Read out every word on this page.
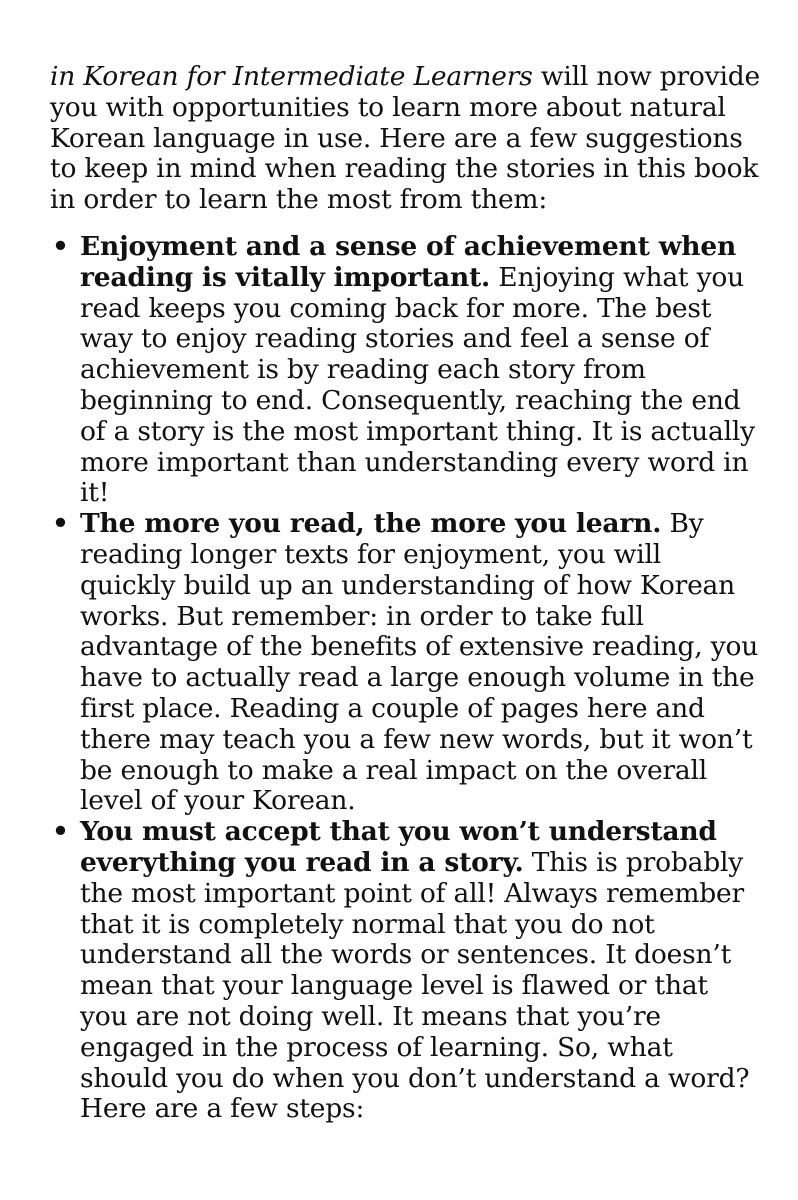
in Korean for Intermediate Learners will now provide you with opportunities to learn more about natural Korean language in use. Here are a few suggestions to keep in mind when reading the stories in this book in order to learn the most from them:

• Enjoyment and a sense of achievement when reading is vitally important. Enjoying what you read keeps you coming back for more. The best way to enjoy reading stories and feel a sense of achievement is by reading each story from beginning to end. Consequently, reaching the end of a story is the most important thing. It is actually more important than understanding every word in it!
• The more you read, the more you learn. By reading longer texts for enjoyment, you will quickly build up an understanding of how Korean works. But remember: in order to take full advantage of the benefits of extensive reading, you have to actually read a large enough volume in the first place. Reading a couple of pages here and there may teach you a few new words, but it won’t be enough to make a real impact on the overall level of your Korean.
• You must accept that you won’t understand everything you read in a story. This is probably the most important point of all! Always remember that it is completely normal that you do not understand all the words or sentences. It doesn’t mean that your language level is flawed or that you are not doing well. It means that you’re engaged in the process of learning. So, what should you do when you don’t understand a word? Here are a few steps:
